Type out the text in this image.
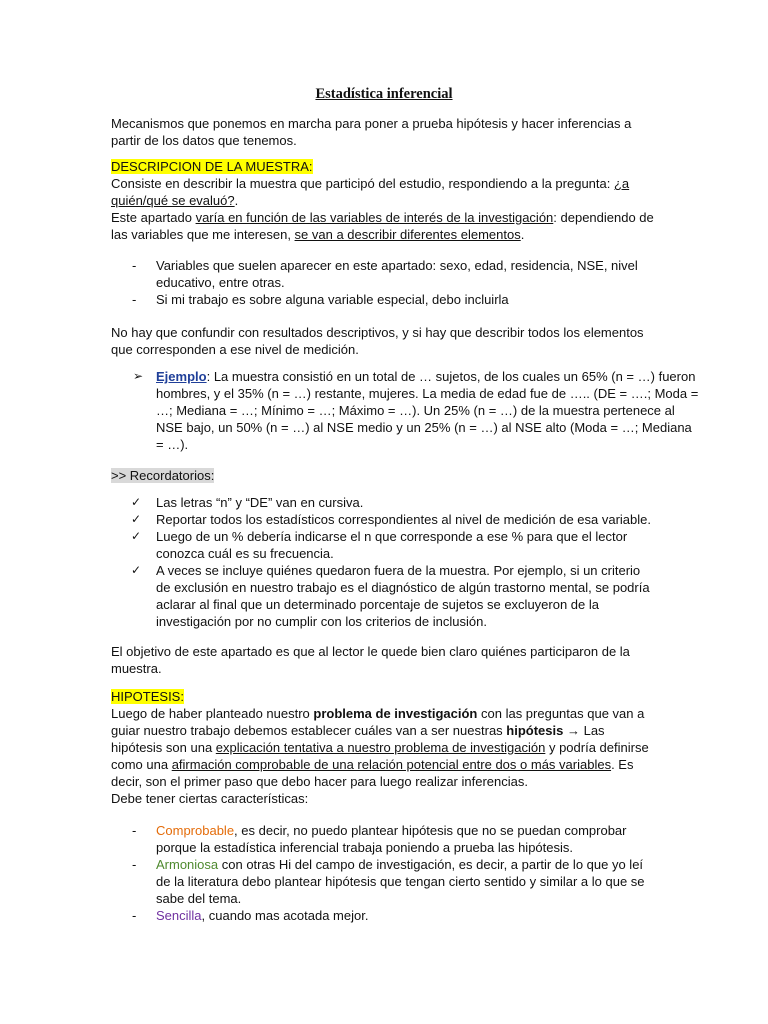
Estadística inferencial

Mecanismos que ponemos en marcha para poner a prueba hipótesis y hacer inferencias a partir de los datos que tenemos.

DESCRIPCION DE LA MUESTRA:

Consiste en describir la muestra que participó del estudio, respondiendo a la pregunta: ¿a quién/qué se evaluó?.

Este apartado varía en función de las variables de interés de la investigación: dependiendo de las variables que me interesen, se van a describir diferentes elementos.

- Variables que suelen aparecer en este apartado: sexo, edad, residencia, NSE, nivel educativo, entre otras.
- Si mi trabajo es sobre alguna variable especial, debo incluirla

No hay que confundir con resultados descriptivos, y si hay que describir todos los elementos que corresponden a ese nivel de medición.

➢ Ejemplo: La muestra consistió en un total de … sujetos, de los cuales un 65% (n = …) fueron hombres, y el 35% (n = …) restante, mujeres. La media de edad fue de ….. (DE = ….; Moda = …; Mediana = …; Mínimo = …; Máximo = …). Un 25% (n = …) de la muestra pertenece al NSE bajo, un 50% (n = …) al NSE medio y un 25% (n = …) al NSE alto (Moda = …; Mediana = …).

>> Recordatorios:

✓ Las letras “n” y “DE” van en cursiva.
✓ Reportar todos los estadísticos correspondientes al nivel de medición de esa variable.
✓ Luego de un % debería indicarse el n que corresponde a ese % para que el lector conozca cuál es su frecuencia.
✓ A veces se incluye quiénes quedaron fuera de la muestra. Por ejemplo, si un criterio de exclusión en nuestro trabajo es el diagnóstico de algún trastorno mental, se podría aclarar al final que un determinado porcentaje de sujetos se excluyeron de la investigación por no cumplir con los criterios de inclusión.

El objetivo de este apartado es que al lector le quede bien claro quiénes participaron de la muestra.

HIPOTESIS:

Luego de haber planteado nuestro problema de investigación con las preguntas que van a guiar nuestro trabajo debemos establecer cuáles van a ser nuestras hipótesis → Las hipótesis son una explicación tentativa a nuestro problema de investigación y podría definirse como una afirmación comprobable de una relación potencial entre dos o más variables. Es decir, son el primer paso que debo hacer para luego realizar inferencias.

Debe tener ciertas características:

- Comprobable, es decir, no puedo plantear hipótesis que no se puedan comprobar porque la estadística inferencial trabaja poniendo a prueba las hipótesis.
- Armoniosa con otras Hi del campo de investigación, es decir, a partir de lo que yo leí de la literatura debo plantear hipótesis que tengan cierto sentido y similar a lo que se sabe del tema.
- Sencilla, cuando mas acotada mejor.
